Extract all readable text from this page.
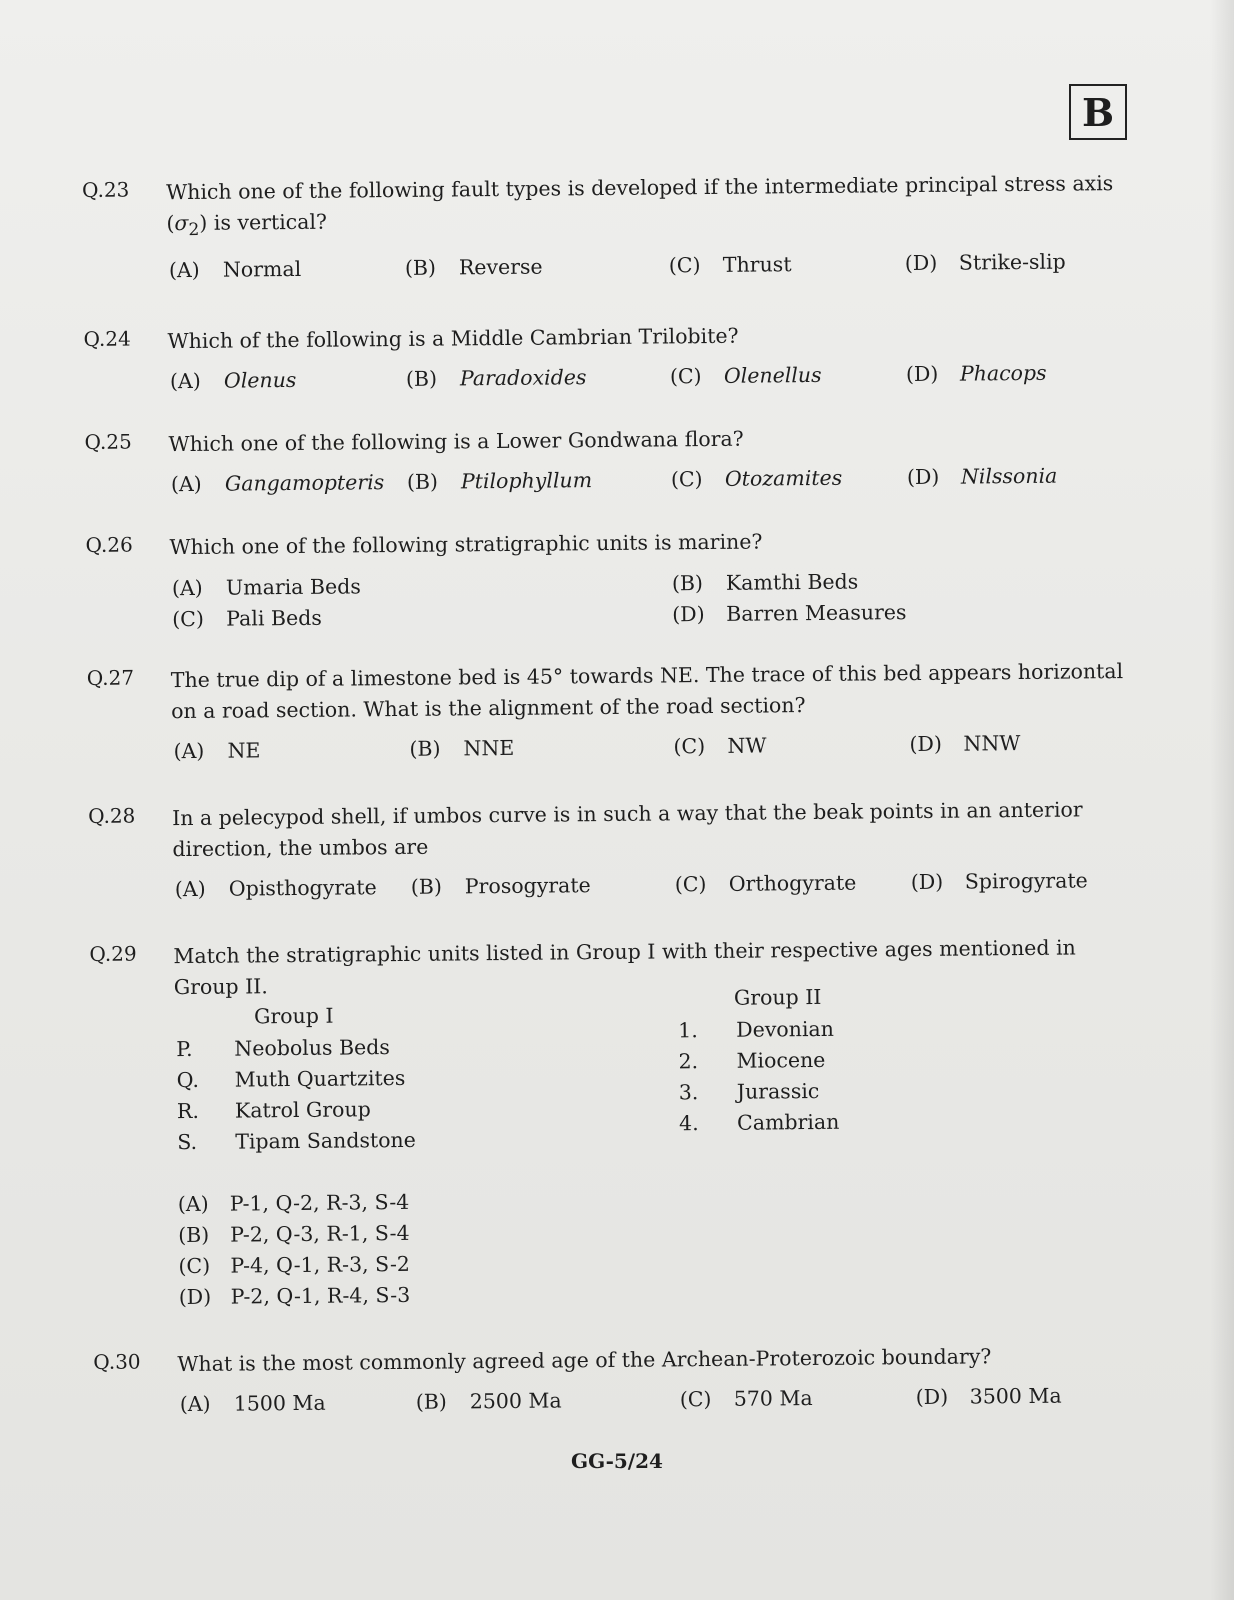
B
Q.23 Which one of the following fault types is developed if the intermediate principal stress axis $(\sigma_2)$ is vertical?
(A) Normal	(B) Reverse	(C) Thrust	(D) Strike-slip
Q.24 Which of the following is a Middle Cambrian Trilobite?
(A) Olenus	(B) Paradoxides	(C) Olenellus	(D) Phacops
Q.25 Which one of the following is a Lower Gondwana flora?
(A) Gangamopteris (B) Ptilophyllum	(C) Otozamites	(D) Nilssonia
Q.26 Which one of the following stratigraphic units is marine?
(A) Umaria Beds	(B) Kamthi Beds
(C) Pali Beds	(D) Barren Measures
Q.27 The true dip of a limestone bed is 45° towards NE. The trace of this bed appears horizontal on a road section. What is the alignment of the road section?
(A) NE	(B) NNE	(C) NW	(D) NNW
Q.28 In a pelecypod shell, if umbos curve is in such a way that the beak points in an anterior direction, the umbos are
(A) Opisthogyrate (B) Prosogyrate	(C) Orthogyrate	(D) Spirogyrate
Q.29 Match the stratigraphic units listed in Group I with their respective ages mentioned in Group II.
Group I
Group II
P. Neobolus Beds
Q. Muth Quartzites
R. Katrol Group
S. Tipam Sandstone
1. Devonian
2. Miocene
3. Jurassic
4. Cambrian
(A) P-1, Q-2, R-3, S-4
(B) P-2, Q-3, R-1, S-4
(C) P-4, Q-1, R-3, S-2
(D) P-2, Q-1, R-4, S-3
Q.30 What is the most commonly agreed age of the Archean-Proterozoic boundary?
(A) 1500 Ma	(B) 2500 Ma	(C) 570 Ma	(D) 3500 Ma
GG-5/24
